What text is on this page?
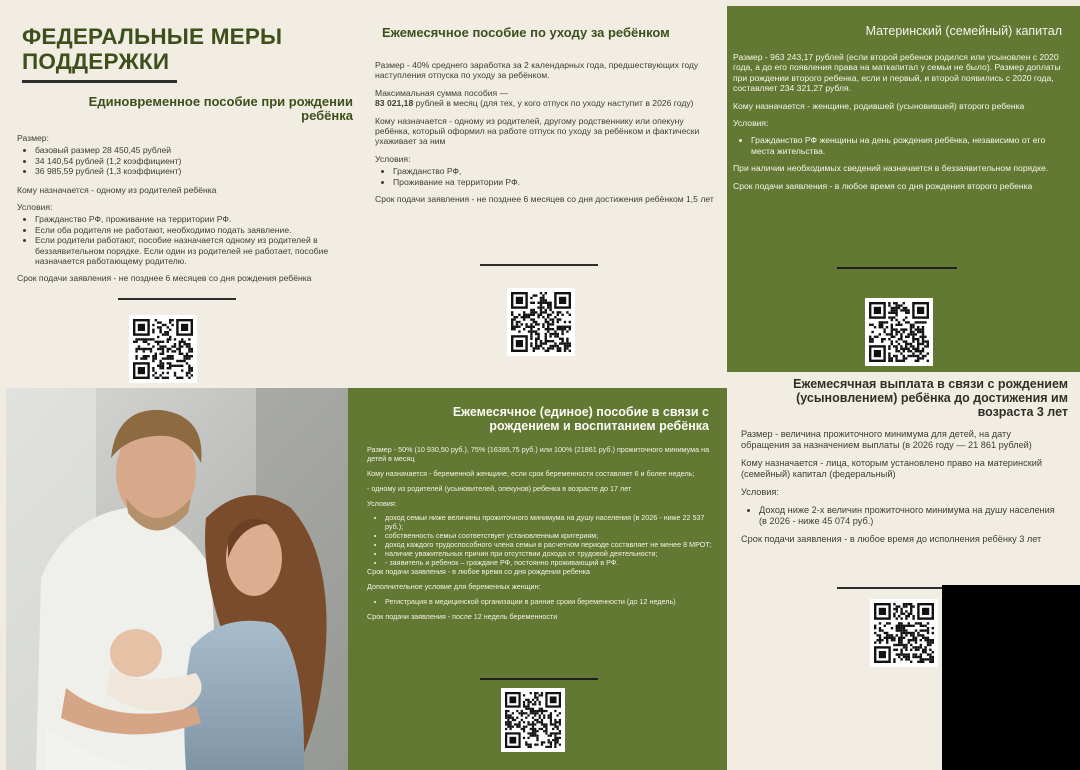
ФЕДЕРАЛЬНЫЕ МЕРЫ
ПОДДЕРЖКИ
Единовременное пособие при рождении
ребёнка
Размер:
• базовый размер 28 450,45 рублей
• 34 140,54 рублей (1,2 коэффициент)
• 36 985,59 рублей (1,3 коэффициент)

Кому назначается - одному из родителей ребёнка

Условия:
• Гражданство РФ, проживание на территории РФ.
• Если оба родителя не работают, необходимо подать заявление.
• Если родители работают, пособие назначается одному из родителей в беззаявительном порядке. Если один из родителей не работает, пособие назначается работающему родителю.

Срок подачи заявления - не позднее 6 месяцев со дня рождения ребёнка

Ежемесячное пособие по уходу за ребёнком

Размер - 40% среднего заработка за 2 календарных года, предшествующих году наступления отпуска по уходу за ребёнком.

Максимальная сумма пособия —

83 021,18 рублей в месяц (для тех, у кого отпуск по уходу наступит в 2026 году)

Кому назначается - одному из родителей, другому родственнику или опекуну ребёнка, который оформил на работе отпуск по уходу за ребёнком и фактически ухаживает за ним

Условия:
• Гражданство РФ,
• Проживание на территории РФ.

Срок подачи заявления - не позднее 6 месяцев со дня достижения ребёнком 1,5 лет

Материнский (семейный) капитал

Размер - 963 243,17 рублей (если второй ребенок родился или усыновлен с 2020 года, а до его появления права на маткапитал у семьи не было). Размер доплаты при рождении второго ребенка, если и первый, и второй появились с 2020 года, составляет 234 321,27 рубля.

Кому назначается - женщине, родившей (усыновившей) второго ребенка

Условия:

• Гражданство РФ женщины на день рождения ребёнка, независимо от его места жительства.

При наличии необходимых сведений назначается в беззаявительном порядке.

Срок подачи заявления - в любое время со дня рождения второго ребенка

Ежемесячное (единое) пособие в связи с
рождением и воспитанием ребёнка

Размер - 50% (10 930,50 руб.), 75% (16395,75 руб.) или 100% (21861 руб.) прожиточного минимума на детей в месяц

Кому назначается - беременной женщине, если срок беременности составляет 6 и более недель;

- одному из родителей (усыновителей, опекунов) ребенка в возрасте до 17 лет

Условия:
• доход семьи ниже величины прожиточного минимума на душу населения (в 2026 - ниже 22 537 руб.);
• собственность семьи соответствует установленным критериям;
• доход каждого трудоспособного члена семьи в расчетном периоде составляет не менее 8 МРОТ;
• наличие уважительных причин при отсутствии дохода от трудовой деятельности;
• - заявитель и ребенок – граждане РФ, постоянно проживающий в РФ.

Срок подачи заявления - в любое время со дня рождения ребенка

Дополнительное условие для беременных женщин:

• Регистрация в медицинской организации в ранние сроки беременности (до 12 недель)

Срок подачи заявления - после 12 недель беременности

Ежемесячная выплата в связи с рождением
(усыновлением) ребёнка до достижения им
возраста 3 лет

Размер - величина прожиточного минимума для детей, на дату обращения за назначением выплаты (в 2026 году — 21 861 рублей)

Кому назначается - лица, которым установлено право на материнский (семейный) капитал (федеральный)

Условия:

• Доход ниже 2-х величин прожиточного минимума на душу населения (в 2026 - ниже 45 074 руб.)

Срок подачи заявления - в любое время до исполнения ребёнку 3 лет
